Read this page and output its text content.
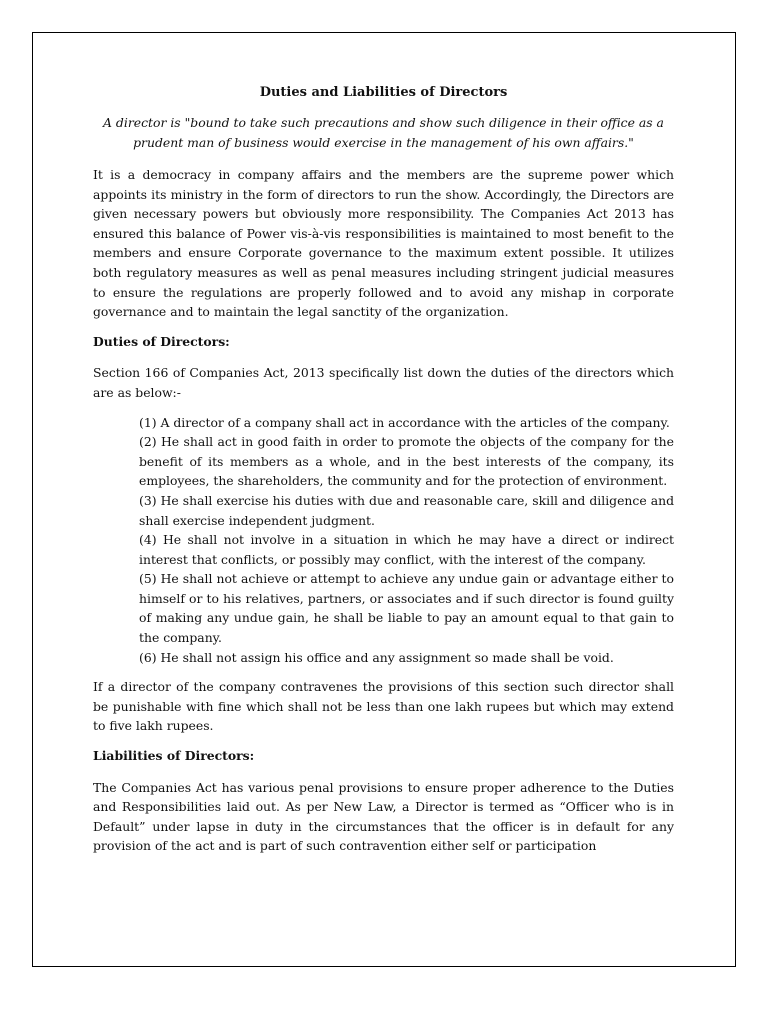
Duties and Liabilities of Directors
A director is "bound to take such precautions and show such diligence in their office as a prudent man of business would exercise in the management of his own affairs."

It is a democracy in company affairs and the members are the supreme power which appoints its ministry in the form of directors to run the show. Accordingly, the Directors are given necessary powers but obviously more responsibility. The Companies Act 2013 has ensured this balance of Power vis-à-vis responsibilities is maintained to most benefit to the members and ensure Corporate governance to the maximum extent possible. It utilizes both regulatory measures as well as penal measures including stringent judicial measures to ensure the regulations are properly followed and to avoid any mishap in corporate governance and to maintain the legal sanctity of the organization.

Duties of Directors:

Section 166 of Companies Act, 2013 specifically list down the duties of the directors which are as below:-

(1) A director of a company shall act in accordance with the articles of the company.
(2) He shall act in good faith in order to promote the objects of the company for the benefit of its members as a whole, and in the best interests of the company, its employees, the shareholders, the community and for the protection of environment.
(3) He shall exercise his duties with due and reasonable care, skill and diligence and shall exercise independent judgment.
(4) He shall not involve in a situation in which he may have a direct or indirect interest that conflicts, or possibly may conflict, with the interest of the company.
(5) He shall not achieve or attempt to achieve any undue gain or advantage either to himself or to his relatives, partners, or associates and if such director is found guilty of making any undue gain, he shall be liable to pay an amount equal to that gain to the company.
(6) He shall not assign his office and any assignment so made shall be void.

If a director of the company contravenes the provisions of this section such director shall be punishable with fine which shall not be less than one lakh rupees but which may extend to five lakh rupees.

Liabilities of Directors:

The Companies Act has various penal provisions to ensure proper adherence to the Duties and Responsibilities laid out. As per New Law, a Director is termed as “Officer who is in Default” under lapse in duty in the circumstances that the officer is in default for any provision of the act and is part of such contravention either self or participation
